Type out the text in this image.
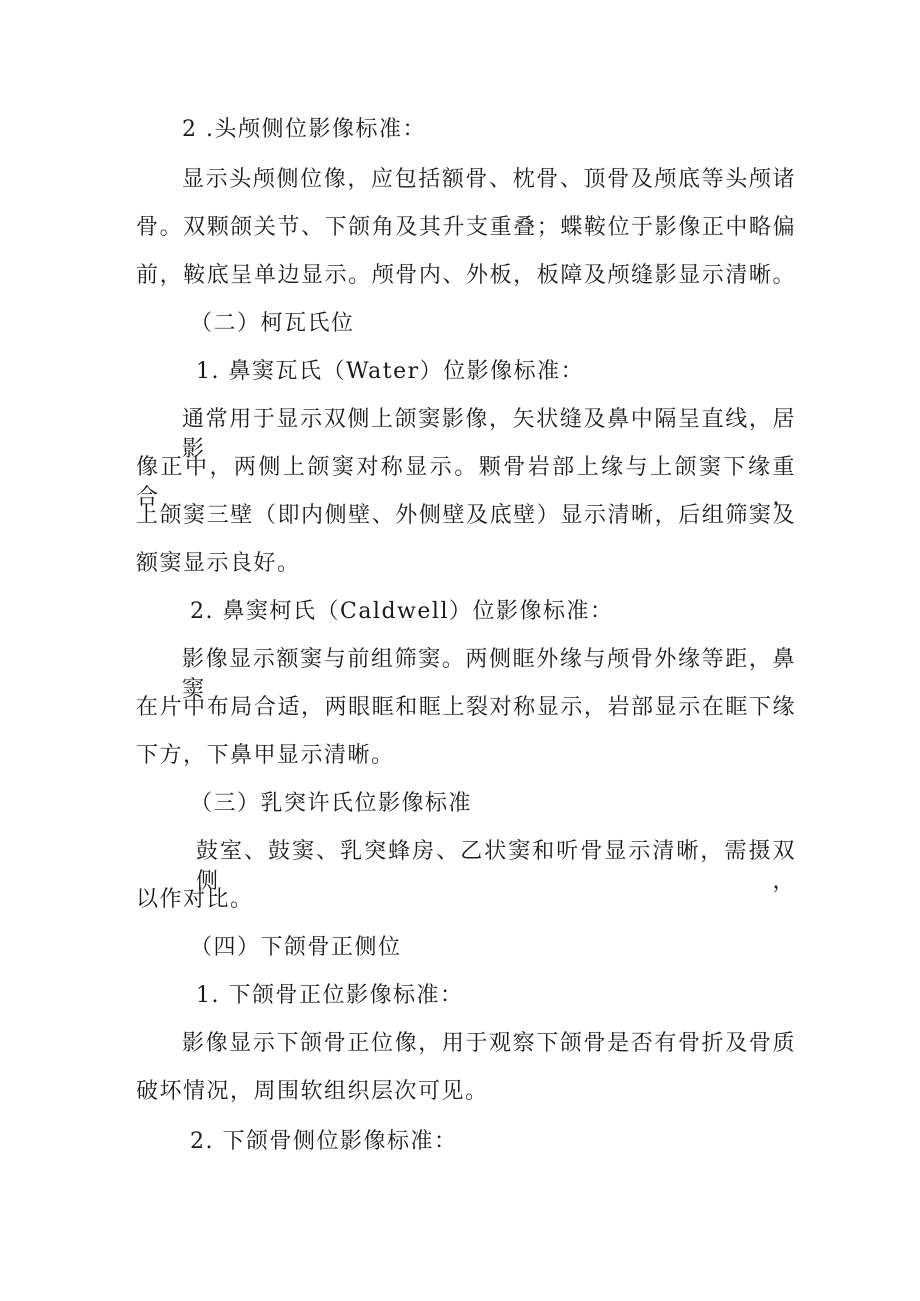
2 .头颅侧位影像标准：
显示头颅侧位像，应包括额骨、枕骨、顶骨及颅底等头颅诸
骨。双颗颌关节、下颌角及其升支重叠；蝶鞍位于影像正中略偏
前，鞍底呈单边显示。颅骨内、外板，板障及颅缝影显示清晰。
（二）柯瓦氏位
1. 鼻窦瓦氏（Water）位影像标准：
通常用于显示双侧上颌窦影像，矢状缝及鼻中隔呈直线，居影
像正中，两侧上颌窦对称显示。颗骨岩部上缘与上颌窦下缘重合，
上颌窦三壁（即内侧壁、外侧壁及底壁）显示清晰，后组筛窦及
额窦显示良好。
2. 鼻窦柯氏（Caldwell）位影像标准：
影像显示额窦与前组筛窦。两侧眶外缘与颅骨外缘等距，鼻窦
在片中布局合适，两眼眶和眶上裂对称显示，岩部显示在眶下缘
下方，下鼻甲显示清晰。
（三）乳突许氏位影像标准
鼓室、鼓窦、乳突蜂房、乙状窦和听骨显示清晰，需摄双侧，
以作对比。
（四）下颌骨正侧位
1. 下颌骨正位影像标准：
影像显示下颌骨正位像，用于观察下颌骨是否有骨折及骨质
破坏情况，周围软组织层次可见。
2. 下颌骨侧位影像标准：
